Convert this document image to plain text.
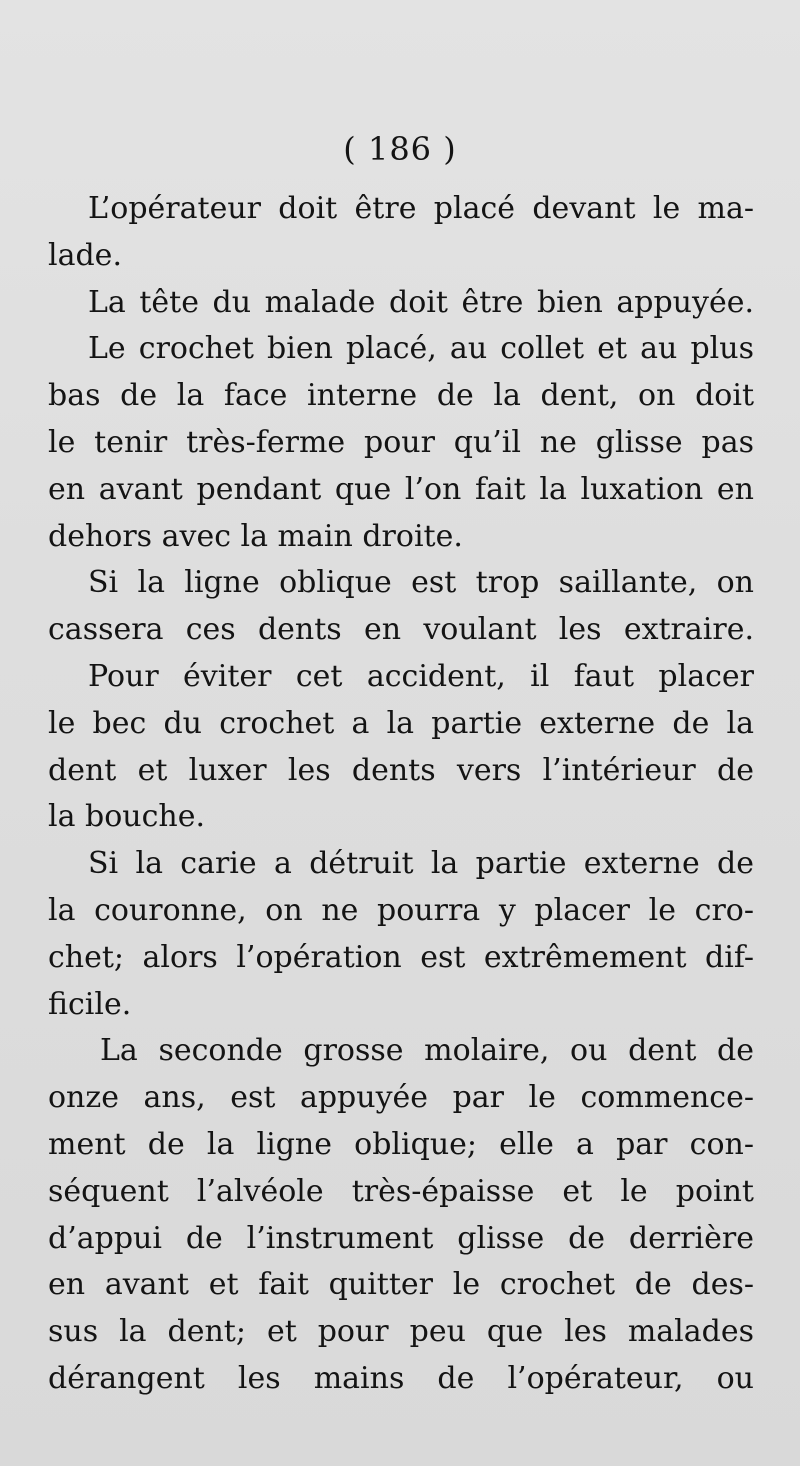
( 186 )
L’opérateur doit être placé devant le ma-
lade.
La tête du malade doit être bien appuyée.
Le crochet bien placé, au collet et au plus
bas de la face interne de la dent, on doit
le tenir très-ferme pour qu’il ne glisse pas
en avant pendant que l’on fait la luxation en
dehors avec la main droite.
Si la ligne oblique est trop saillante, on
cassera ces dents en voulant les extraire.
Pour éviter cet accident, il faut placer
le bec du crochet a la partie externe de la
dent et luxer les dents vers l’intérieur de
la bouche.
Si la carie a détruit la partie externe de
la couronne, on ne pourra y placer le cro-
chet; alors l’opération est extrêmement dif-
ficile.
La seconde grosse molaire, ou dent de
onze ans, est appuyée par le commence-
ment de la ligne oblique; elle a par con-
séquent l’alvéole très-épaisse et le point
d’appui de l’instrument glisse de derrière
en avant et fait quitter le crochet de des-
sus la dent; et pour peu que les malades
dérangent les mains de l’opérateur, ou
